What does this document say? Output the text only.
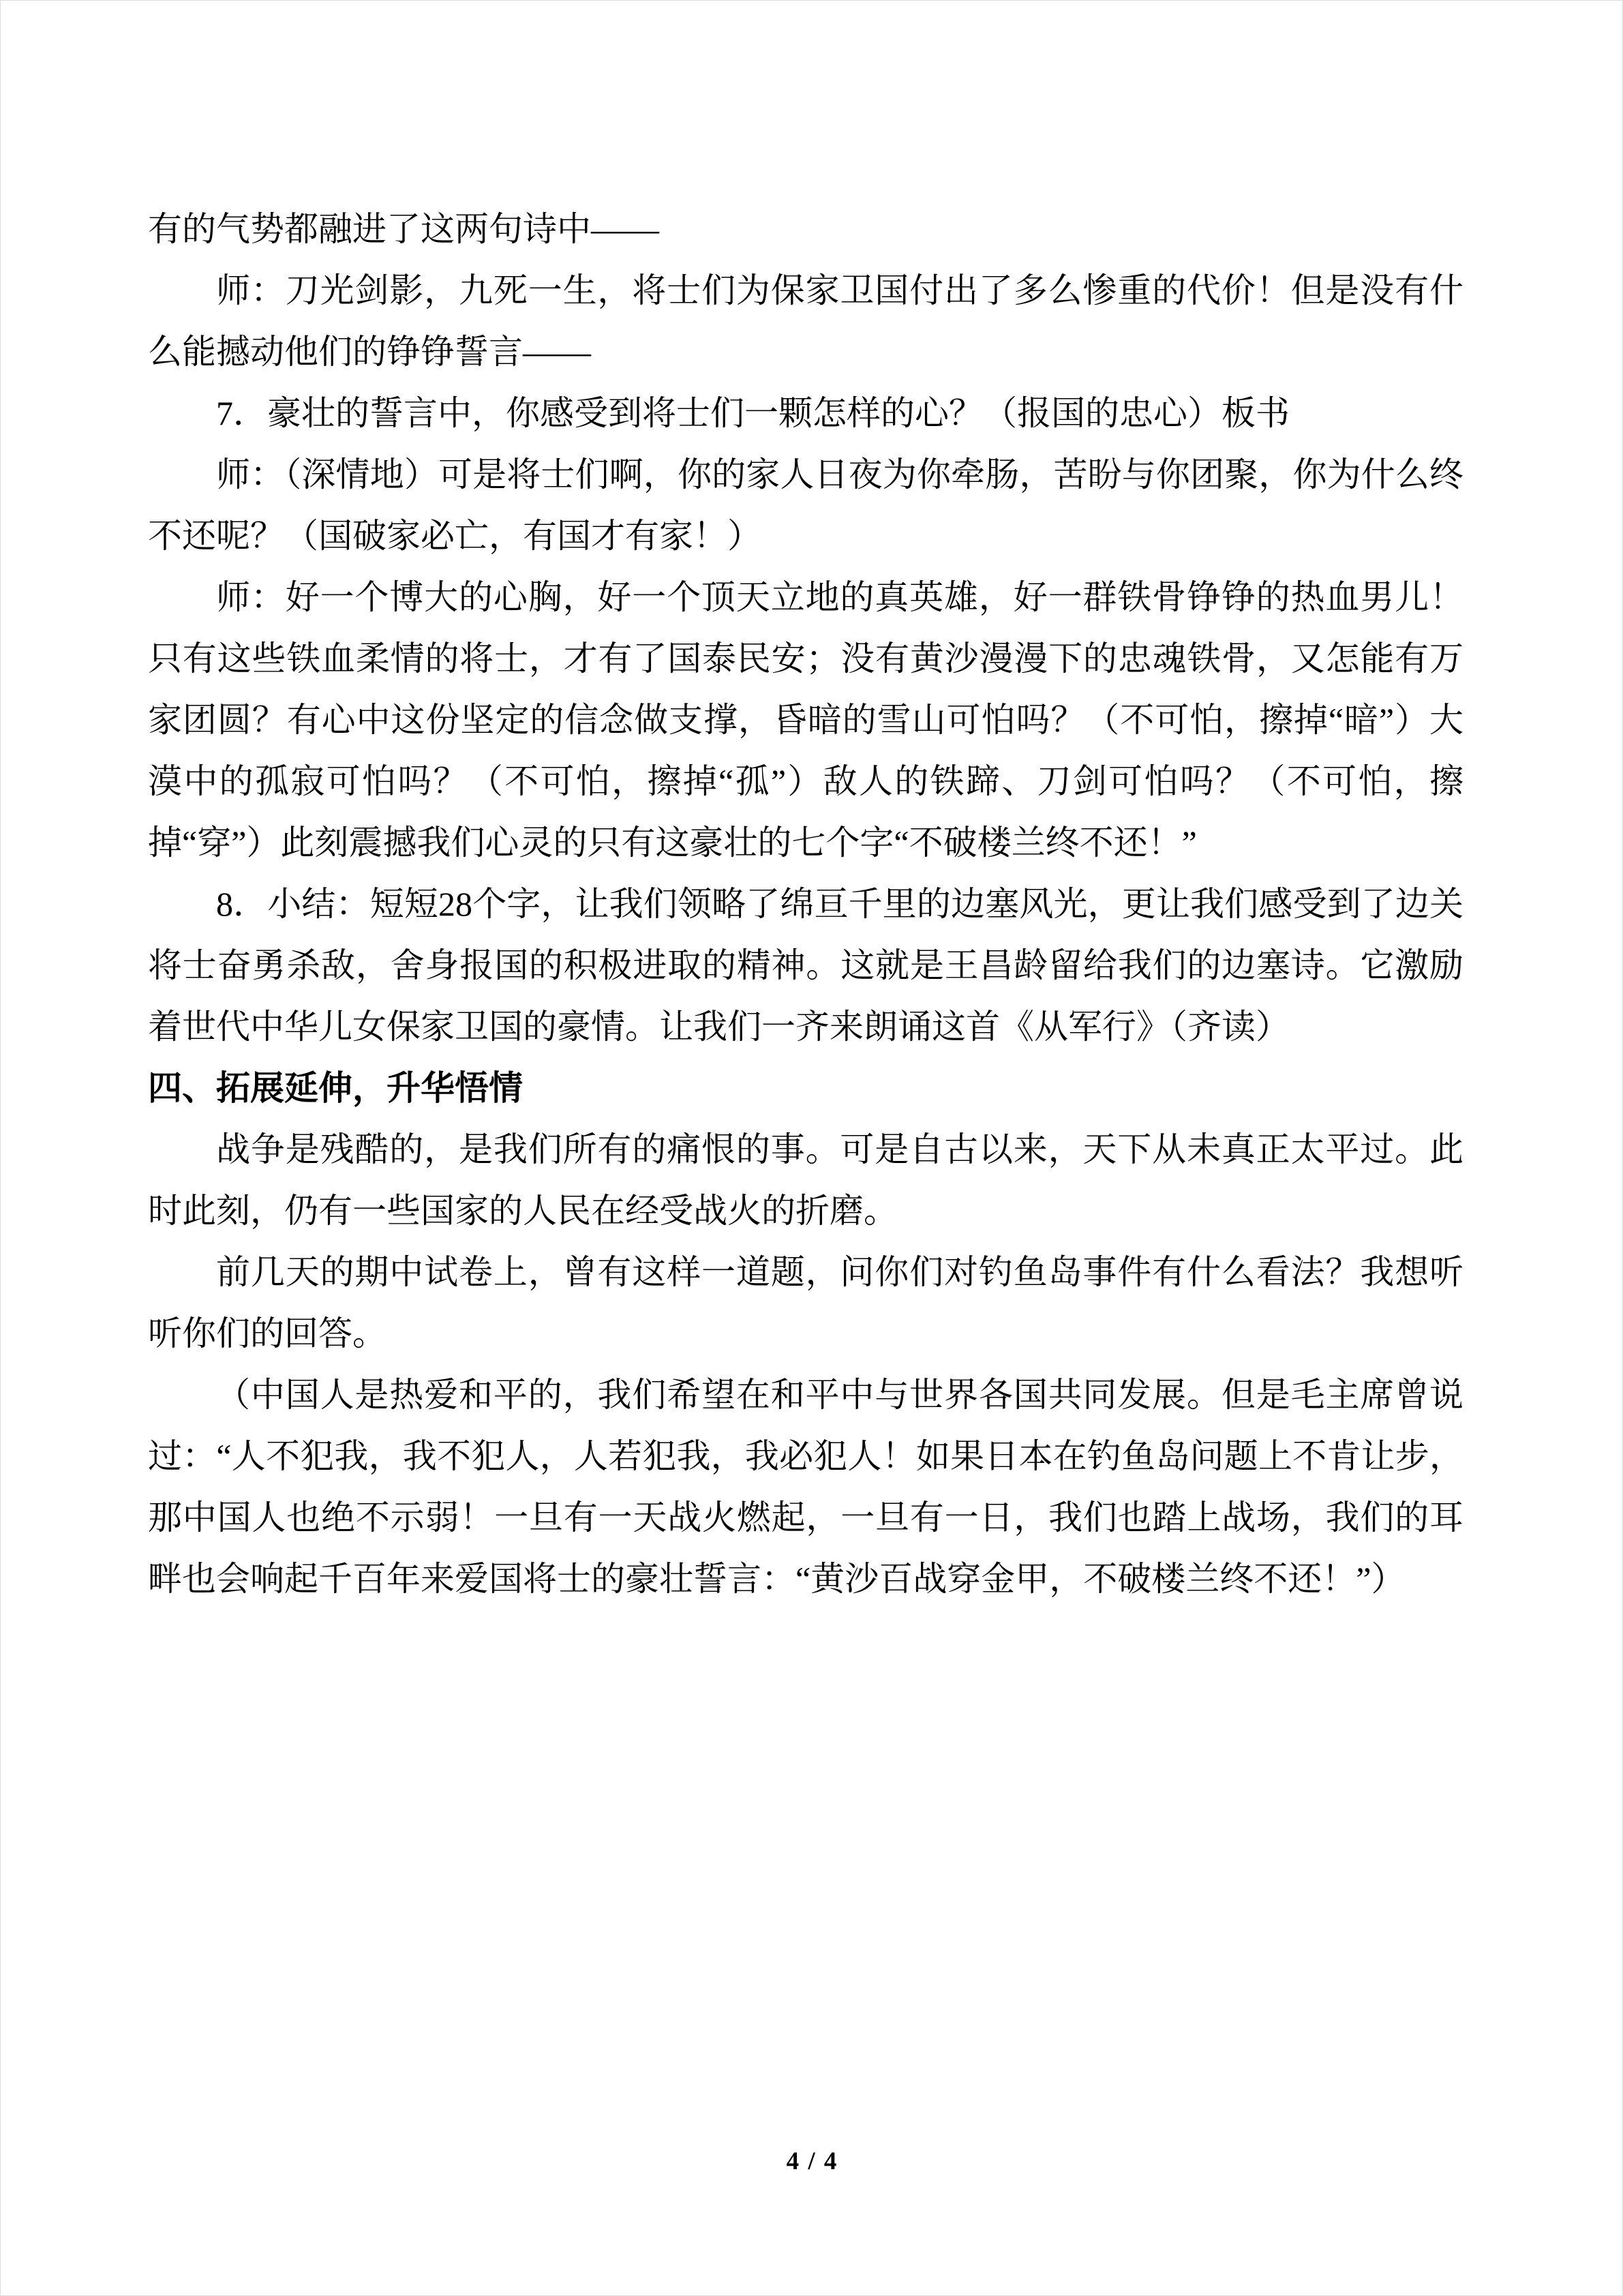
有的气势都融进了这两句诗中——

师：刀光剑影，九死一生，将士们为保家卫国付出了多么惨重的代价！但是没有什么能撼动他们的铮铮誓言——

7．豪壮的誓言中，你感受到将士们一颗怎样的心？（报国的忠心）板书

师：（深情地）可是将士们啊，你的家人日夜为你牵肠，苦盼与你团聚，你为什么终不还呢？（国破家必亡，有国才有家！）

师：好一个博大的心胸，好一个顶天立地的真英雄，好一群铁骨铮铮的热血男儿！只有这些铁血柔情的将士，才有了国泰民安；没有黄沙漫漫下的忠魂铁骨，又怎能有万家团圆？有心中这份坚定的信念做支撑，昏暗的雪山可怕吗？（不可怕，擦掉“暗”）大漠中的孤寂可怕吗？（不可怕，擦掉“孤”）敌人的铁蹄、刀剑可怕吗？（不可怕，擦掉“穿”）此刻震撼我们心灵的只有这豪壮的七个字“不破楼兰终不还！”

8．小结：短短28个字，让我们领略了绵亘千里的边塞风光，更让我们感受到了边关将士奋勇杀敌，舍身报国的积极进取的精神。这就是王昌龄留给我们的边塞诗。它激励着世代中华儿女保家卫国的豪情。让我们一齐来朗诵这首《从军行》（齐读）

四、拓展延伸，升华悟情

战争是残酷的，是我们所有的痛恨的事。可是自古以来，天下从未真正太平过。此时此刻，仍有一些国家的人民在经受战火的折磨。

前几天的期中试卷上，曾有这样一道题，问你们对钓鱼岛事件有什么看法？我想听听你们的回答。

（中国人是热爱和平的，我们希望在和平中与世界各国共同发展。但是毛主席曾说过：“人不犯我，我不犯人，人若犯我，我必犯人！如果日本在钓鱼岛问题上不肯让步，那中国人也绝不示弱！一旦有一天战火燃起，一旦有一日，我们也踏上战场，我们的耳畔也会响起千百年来爱国将士的豪壮誓言：“黄沙百战穿金甲，不破楼兰终不还！”）

4 / 4
